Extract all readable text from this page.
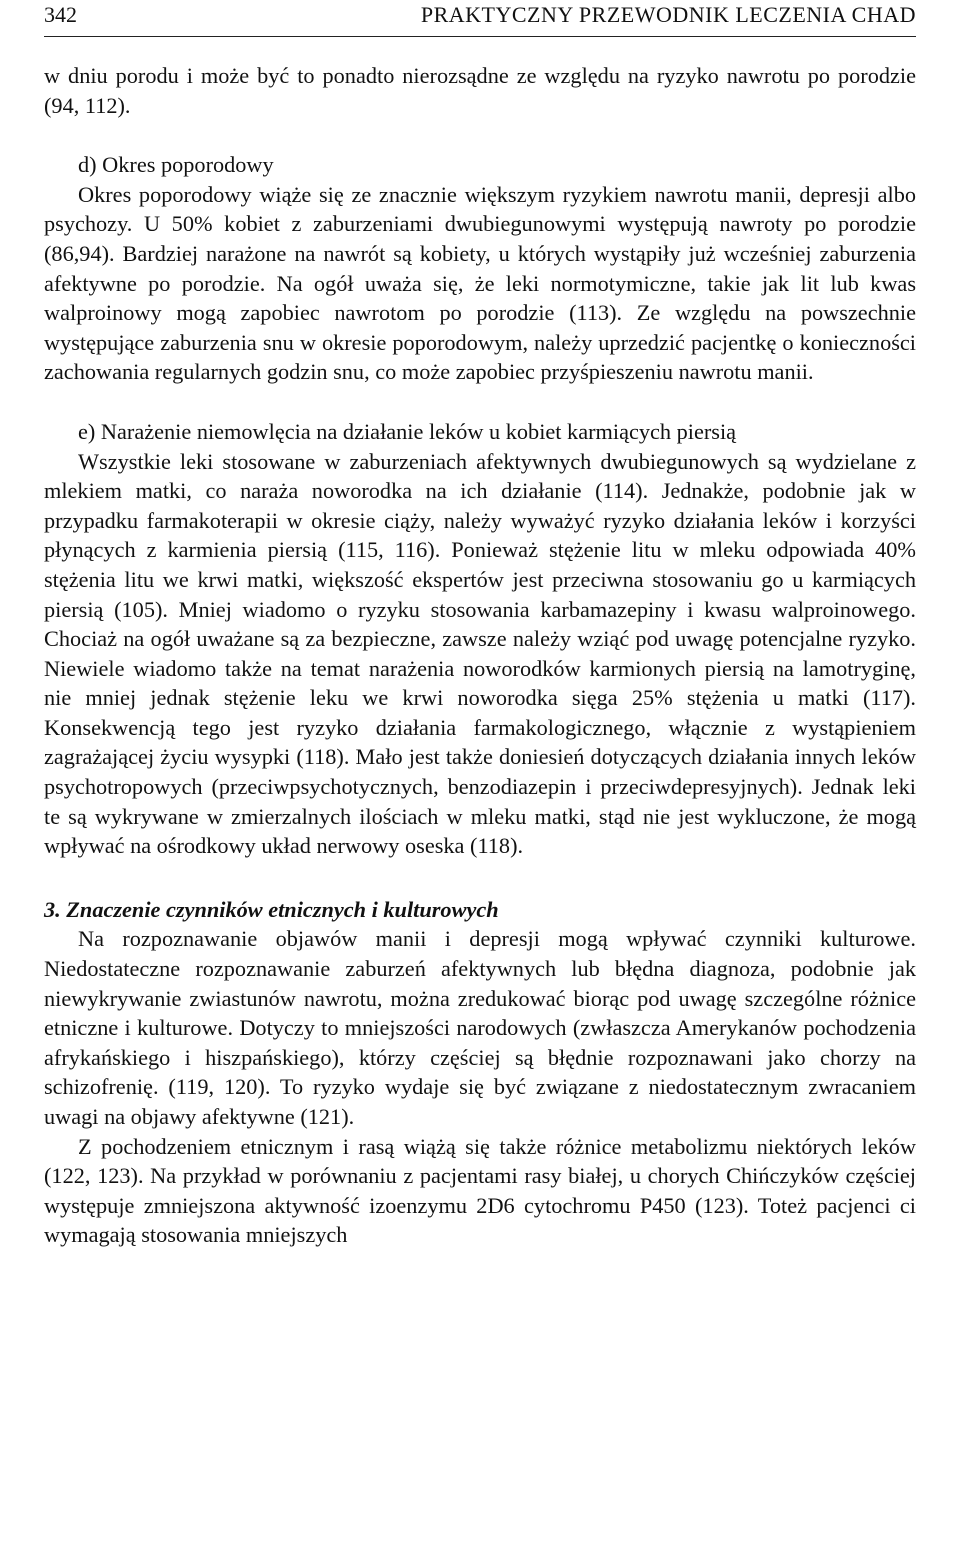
342	PRAKTYCZNY PRZEWODNIK LECZENIA CHAD

w dniu porodu i może być to ponadto nierozsądne ze względu na ryzyko nawrotu po porodzie (94, 112).

d) Okres poporodowy

Okres poporodowy wiąże się ze znacznie większym ryzykiem nawrotu manii, depresji albo psychozy. U 50% kobiet z zaburzeniami dwubiegunowymi występują nawroty po porodzie (86,94). Bardziej narażone na nawrót są kobiety, u których wystąpiły już wcześniej zaburzenia afektywne po porodzie. Na ogół uważa się, że leki normotymiczne, takie jak lit lub kwas walproinowy mogą zapobiec nawrotom po porodzie (113). Ze względu na powszechnie występujące zaburzenia snu w okresie poporodowym, należy uprzedzić pacjentkę o konieczności zachowania regularnych godzin snu, co może zapobiec przyśpieszeniu nawrotu manii.

e) Narażenie niemowlęcia na działanie leków u kobiet karmiących piersią

Wszystkie leki stosowane w zaburzeniach afektywnych dwubiegunowych są wydzielane z mlekiem matki, co naraża noworodka na ich działanie (114). Jednakże, podobnie jak w przypadku farmakoterapii w okresie ciąży, należy wyważyć ryzyko działania leków i korzyści płynących z karmienia piersią (115, 116). Ponieważ stężenie litu w mleku odpowiada 40% stężenia litu we krwi matki, większość ekspertów jest przeciwna stosowaniu go u karmiących piersią (105). Mniej wiadomo o ryzyku stosowania karbamazepiny i kwasu walproinowego. Chociaż na ogół uważane są za bezpieczne, zawsze należy wziąć pod uwagę potencjalne ryzyko. Niewiele wiadomo także na temat narażenia noworodków karmionych piersią na lamotryginę, nie mniej jednak stężenie leku we krwi noworodka sięga 25% stężenia u matki (117). Konsekwencją tego jest ryzyko działania farmakologicznego, włącznie z wystąpieniem zagrażającej życiu wysypki (118). Mało jest także doniesień dotyczących działania innych leków psychotropowych (przeciwpsychotycznych, benzodiazepin i przeciwdepresyjnych). Jednak leki te są wykrywane w zmierzalnych ilościach w mleku matki, stąd nie jest wykluczone, że mogą wpływać na ośrodkowy układ nerwowy oseska (118).

3. Znaczenie czynników etnicznych i kulturowych

Na rozpoznawanie objawów manii i depresji mogą wpływać czynniki kulturowe. Niedostateczne rozpoznawanie zaburzeń afektywnych lub błędna diagnoza, podobnie jak niewykrywanie zwiastunów nawrotu, można zredukować biorąc pod uwagę szczególne różnice etniczne i kulturowe. Dotyczy to mniejszości narodowych (zwłaszcza Amerykanów pochodzenia afrykańskiego i hiszpańskiego), którzy częściej są błędnie rozpoznawani jako chorzy na schizofrenię. (119, 120). To ryzyko wydaje się być związane z niedostatecznym zwracaniem uwagi na objawy afektywne (121).

Z pochodzeniem etnicznym i rasą wiążą się także różnice metabolizmu niektórych leków (122, 123). Na przykład w porównaniu z pacjentami rasy białej, u chorych Chińczyków częściej występuje zmniejszona aktywność izoenzymu 2D6 cytochromu P450 (123). Toteż pacjenci ci wymagają stosowania mniejszych
